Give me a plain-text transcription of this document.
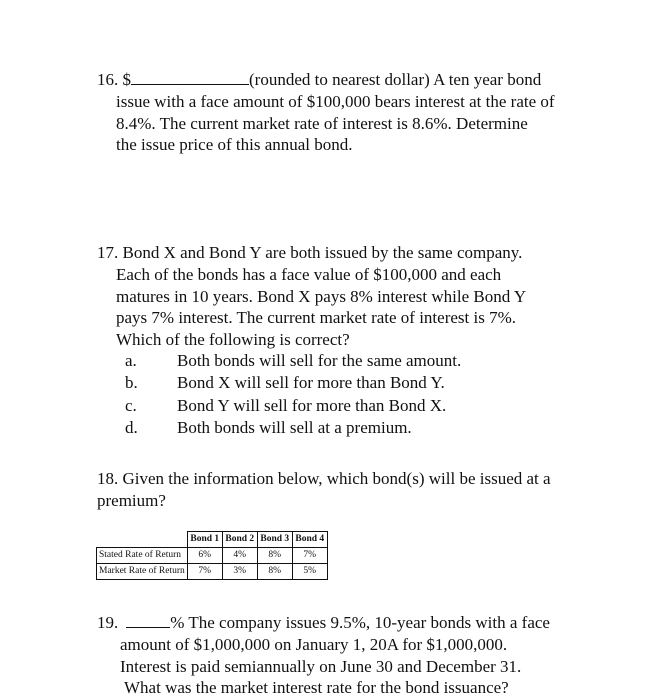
16. $	(rounded to nearest dollar) A ten year bond
issue with a face amount of $100,000 bears interest at the rate of
8.4%. The current market rate of interest is 8.6%. Determine
the issue price of this annual bond.
17. Bond X and Bond Y are both issued by the same company.
Each of the bonds has a face value of $100,000 and each
matures in 10 years. Bond X pays 8% interest while Bond Y
pays 7% interest. The current market rate of interest is 7%.
Which of the following is correct?
a. Both bonds will sell for the same amount.
b. Bond X will sell for more than Bond Y.
c. Bond Y will sell for more than Bond X.
d. Both bonds will sell at a premium.
18. Given the information below, which bond(s) will be issued at a
premium?
	Bond 1	Bond 2	Bond 3	Bond 4
Stated Rate of Return	6%	4%	8%	7%
Market Rate of Return	7%	3%	8%	5%
19.	% The company issues 9.5%, 10-year bonds with a face
amount of $1,000,000 on January 1, 20A for $1,000,000.
Interest is paid semiannually on June 30 and December 31.
What was the market interest rate for the bond issuance?
